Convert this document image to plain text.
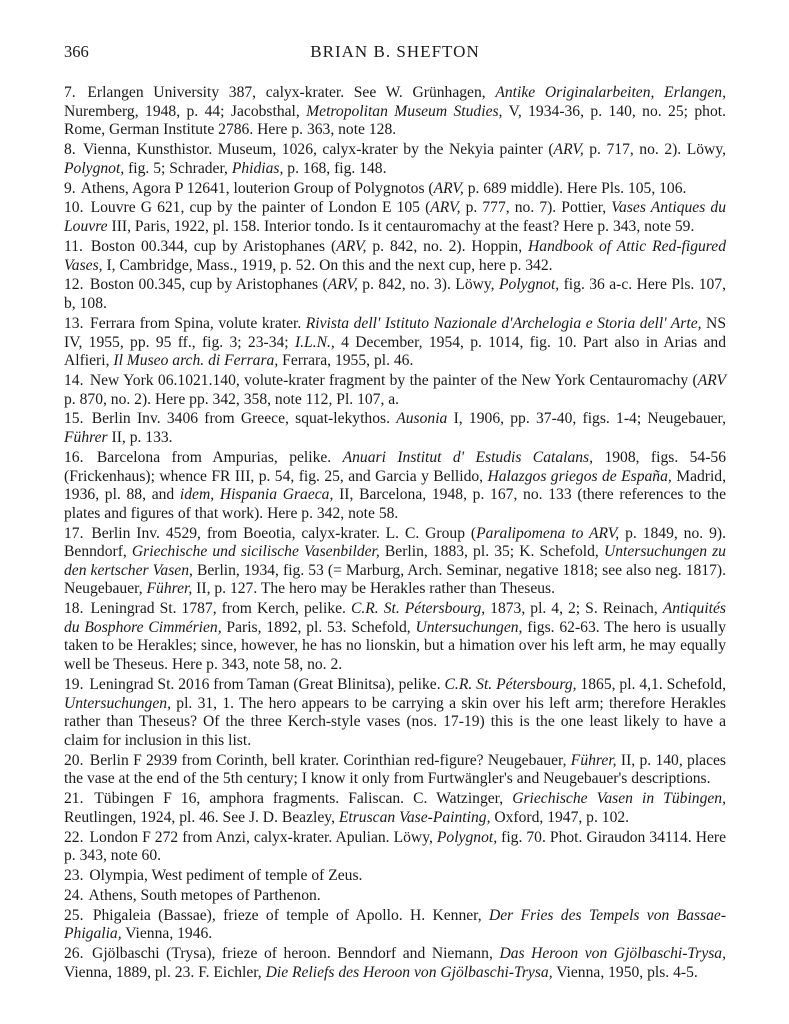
366	BRIAN B. SHEFTON

7. Erlangen University 387, calyx-krater. See W. Grünhagen, Antike Originalarbeiten, Erlangen, Nuremberg, 1948, p. 44; Jacobsthal, Metropolitan Museum Studies, V, 1934-36, p. 140, no. 25; phot. Rome, German Institute 2786. Here p. 363, note 128.

8. Vienna, Kunsthistor. Museum, 1026, calyx-krater by the Nekyia painter (ARV, p. 717, no. 2). Löwy, Polygnot, fig. 5; Schrader, Phidias, p. 168, fig. 148.

9. Athens, Agora P 12641, louterion Group of Polygnotos (ARV, p. 689 middle). Here Pls. 105, 106.

10. Louvre G 621, cup by the painter of London E 105 (ARV, p. 777, no. 7). Pottier, Vases Antiques du Louvre III, Paris, 1922, pl. 158. Interior tondo. Is it centauromachy at the feast? Here p. 343, note 59.

11. Boston 00.344, cup by Aristophanes (ARV, p. 842, no. 2). Hoppin, Handbook of Attic Red-figured Vases, I, Cambridge, Mass., 1919, p. 52. On this and the next cup, here p. 342.

12. Boston 00.345, cup by Aristophanes (ARV, p. 842, no. 3). Löwy, Polygnot, fig. 36 a-c. Here Pls. 107, b, 108.

13. Ferrara from Spina, volute krater. Rivista dell' Istituto Nazionale d'Archelogia e Storia dell' Arte, NS IV, 1955, pp. 95 ff., fig. 3; 23-34; I.L.N., 4 December, 1954, p. 1014, fig. 10. Part also in Arias and Alfieri, Il Museo arch. di Ferrara, Ferrara, 1955, pl. 46.

14. New York 06.1021.140, volute-krater fragment by the painter of the New York Centauromachy (ARV p. 870, no. 2). Here pp. 342, 358, note 112, Pl. 107, a.

15. Berlin Inv. 3406 from Greece, squat-lekythos. Ausonia I, 1906, pp. 37-40, figs. 1-4; Neugebauer, Führer II, p. 133.

16. Barcelona from Ampurias, pelike. Anuari Institut d' Estudis Catalans, 1908, figs. 54-56 (Frickenhaus); whence FR III, p. 54, fig. 25, and Garcia y Bellido, Halazgos griegos de España, Madrid, 1936, pl. 88, and idem, Hispania Graeca, II, Barcelona, 1948, p. 167, no. 133 (there references to the plates and figures of that work). Here p. 342, note 58.

17. Berlin Inv. 4529, from Boeotia, calyx-krater. L. C. Group (Paralipomena to ARV, p. 1849, no. 9). Benndorf, Griechische und sicilische Vasenbilder, Berlin, 1883, pl. 35; K. Schefold, Untersuchungen zu den kertscher Vasen, Berlin, 1934, fig. 53 (= Marburg, Arch. Seminar, negative 1818; see also neg. 1817). Neugebauer, Führer, II, p. 127. The hero may be Herakles rather than Theseus.

18. Leningrad St. 1787, from Kerch, pelike. C.R. St. Pétersbourg, 1873, pl. 4, 2; S. Reinach, Antiquités du Bosphore Cimmérien, Paris, 1892, pl. 53. Schefold, Untersuchungen, figs. 62-63. The hero is usually taken to be Herakles; since, however, he has no lionskin, but a himation over his left arm, he may equally well be Theseus. Here p. 343, note 58, no. 2.

19. Leningrad St. 2016 from Taman (Great Blinitsa), pelike. C.R. St. Pétersbourg, 1865, pl. 4,1. Schefold, Untersuchungen, pl. 31, 1. The hero appears to be carrying a skin over his left arm; therefore Herakles rather than Theseus? Of the three Kerch-style vases (nos. 17-19) this is the one least likely to have a claim for inclusion in this list.

20. Berlin F 2939 from Corinth, bell krater. Corinthian red-figure? Neugebauer, Führer, II, p. 140, places the vase at the end of the 5th century; I know it only from Furtwängler's and Neugebauer's descriptions.

21. Tübingen F 16, amphora fragments. Faliscan. C. Watzinger, Griechische Vasen in Tübingen, Reutlingen, 1924, pl. 46. See J. D. Beazley, Etruscan Vase-Painting, Oxford, 1947, p. 102.

22. London F 272 from Anzi, calyx-krater. Apulian. Löwy, Polygnot, fig. 70. Phot. Giraudon 34114. Here p. 343, note 60.

23. Olympia, West pediment of temple of Zeus.

24. Athens, South metopes of Parthenon.

25. Phigaleia (Bassae), frieze of temple of Apollo. H. Kenner, Der Fries des Tempels von Bassae-Phigalia, Vienna, 1946.

26. Gjölbaschi (Trysa), frieze of heroon. Benndorf and Niemann, Das Heroon von Gjölbaschi-Trysa, Vienna, 1889, pl. 23. F. Eichler, Die Reliefs des Heroon von Gjölbaschi-Trysa, Vienna, 1950, pls. 4-5.
